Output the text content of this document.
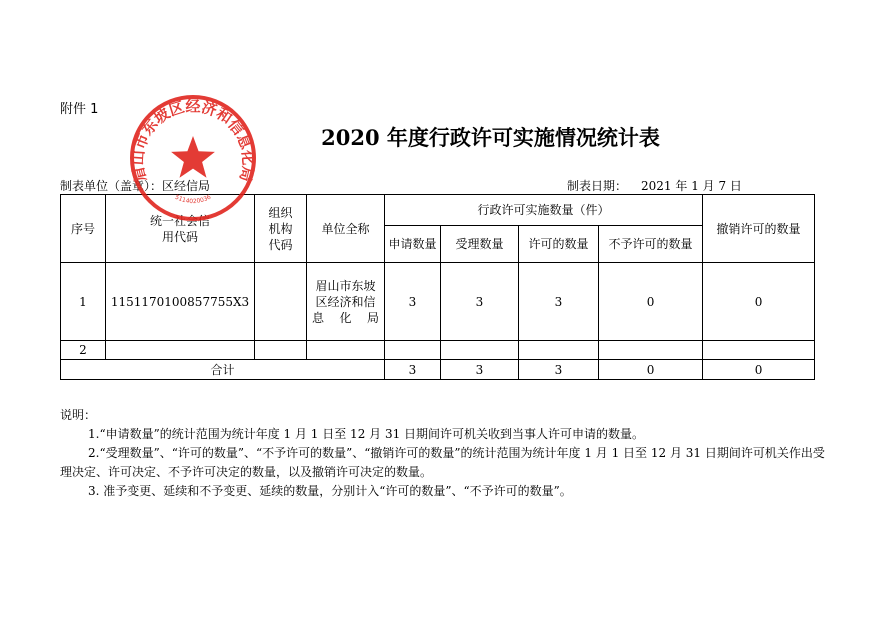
附件 1
2020 年度行政许可实施情况统计表
制表单位（盖章）：区经信局	制表日期： 2021 年 1 月 7 日
序号	统一社会信用代码	组织机构代码	单位全称	行政许可实施数量（件）				撤销许可的数量
				申请数量	受理数量	许可的数量	不予许可的数量	
1	1151170100857755X3		眉山市东坡区经济和信息化局	3	3	3	0	0
2								
合计				3	3	3	0	0

说明：

1.“申请数量”的统计范围为统计年度 1 月 1 日至 12 月 31 日期间许可机关收到当事人许可申请的数量。

2.“受理数量”、“许可的数量”、“不予许可的数量”、“撤销许可的数量”的统计范围为统计年度 1 月 1 日至 12 月 31 日期间许可机关作出受理决定、许可决定、不予许可决定的数量，以及撤销许可决定的数量。

3. 准予变更、延续和不予变更、延续的数量，分别计入“许可的数量”、“不予许可的数量”。

眉山市东坡区经济和信息化局
5114020036
